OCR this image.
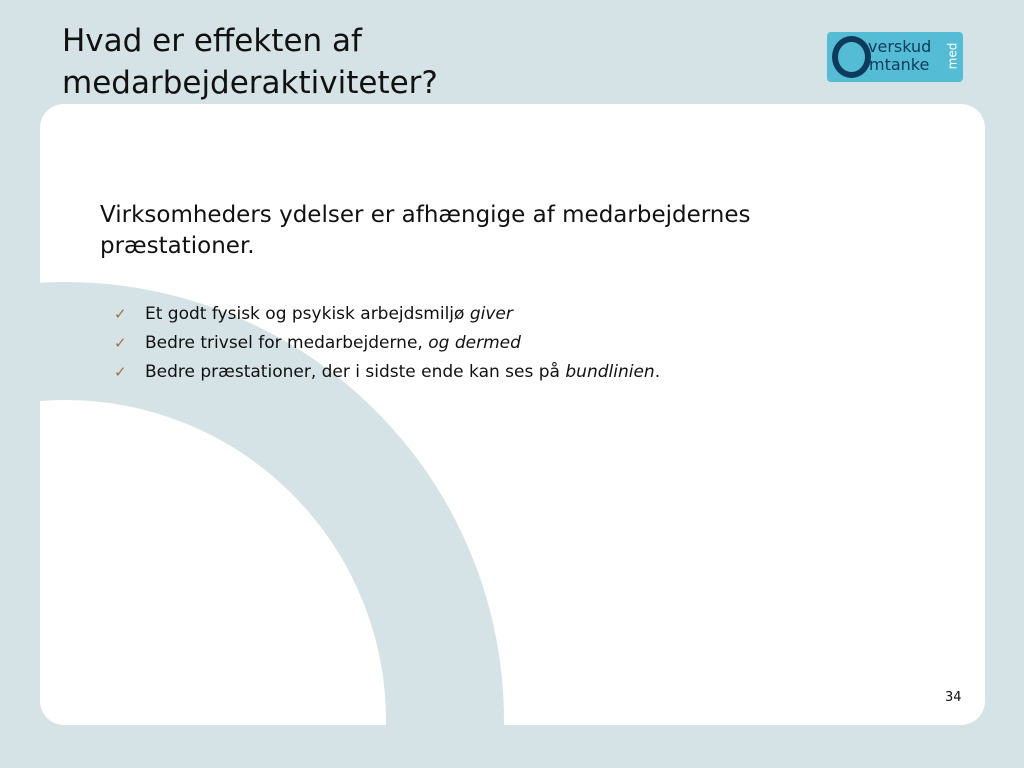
Hvad er effekten af
medarbejderaktiviteter?
verskud
mtanke med

Virksomheders ydelser er afhængige af medarbejdernes
præstationer.

✓ Et godt fysisk og psykisk arbejdsmiljø giver
✓ Bedre trivsel for medarbejderne, og dermed
✓ Bedre præstationer, der i sidste ende kan ses på bundlinien.
34
